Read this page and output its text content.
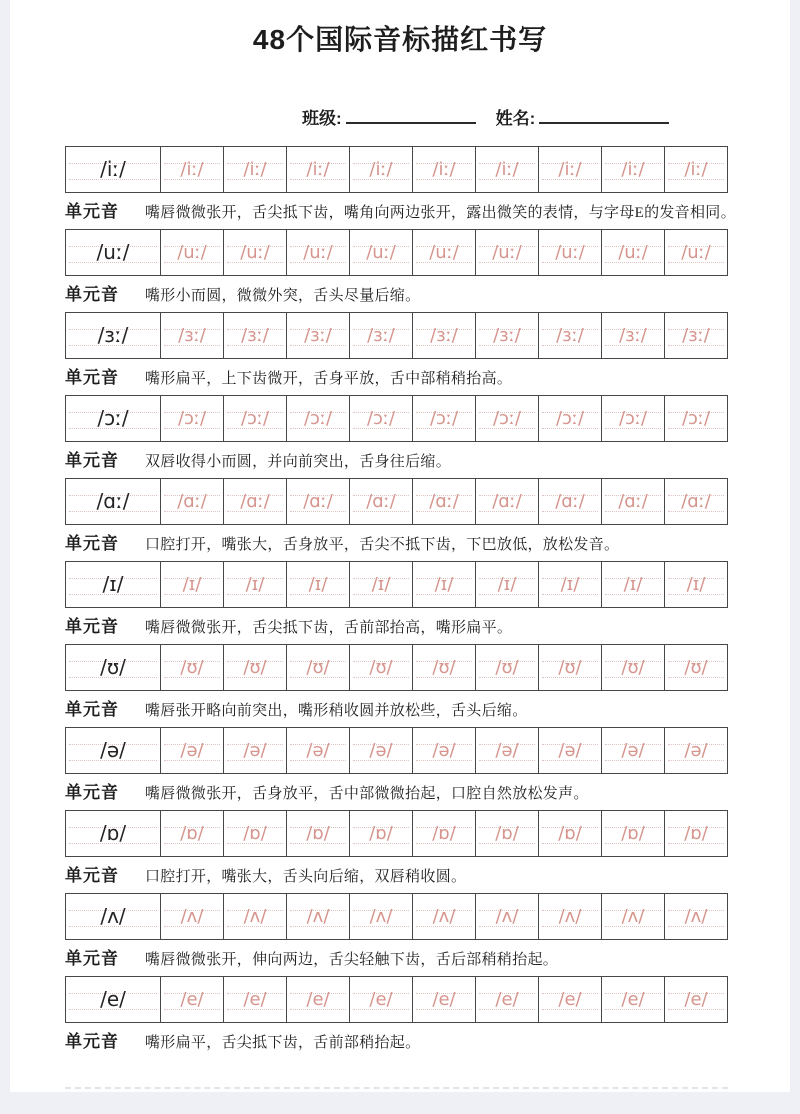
48个国际音标描红书写
班级:	姓名:
/iː/	/iː/ /iː/ /iː/ /iː/ /iː/ /iː/ /iː/ /iː/ /iː/
单元音	嘴唇微微张开，舌尖抵下齿，嘴角向两边张开，露出微笑的表情，与字母E的发音相同。
/uː/	/uː/ /uː/ /uː/ /uː/ /uː/ /uː/ /uː/ /uː/ /uː/
单元音	嘴形小而圆，微微外突，舌头尽量后缩。
/ɜː/	/ɜː/ /ɜː/ /ɜː/ /ɜː/ /ɜː/ /ɜː/ /ɜː/ /ɜː/ /ɜː/
单元音	嘴形扁平，上下齿微开，舌身平放，舌中部稍稍抬高。
/ɔː/	/ɔː/ /ɔː/ /ɔː/ /ɔː/ /ɔː/ /ɔː/ /ɔː/ /ɔː/ /ɔː/
单元音	双唇收得小而圆，并向前突出，舌身往后缩。
/ɑː/	/ɑː/ /ɑː/ /ɑː/ /ɑː/ /ɑː/ /ɑː/ /ɑː/ /ɑː/ /ɑː/
单元音	口腔打开，嘴张大，舌身放平，舌尖不抵下齿，下巴放低，放松发音。
/ɪ/	/ɪ/ /ɪ/ /ɪ/ /ɪ/ /ɪ/ /ɪ/ /ɪ/ /ɪ/ /ɪ/
单元音	嘴唇微微张开，舌尖抵下齿，舌前部抬高，嘴形扁平。
/ʊ/	/ʊ/ /ʊ/ /ʊ/ /ʊ/ /ʊ/ /ʊ/ /ʊ/ /ʊ/ /ʊ/
单元音	嘴唇张开略向前突出，嘴形稍收圆并放松些，舌头后缩。
/ə/	/ə/ /ə/ /ə/ /ə/ /ə/ /ə/ /ə/ /ə/ /ə/
单元音	嘴唇微微张开，舌身放平，舌中部微微抬起，口腔自然放松发声。
/ɒ/	/ɒ/ /ɒ/ /ɒ/ /ɒ/ /ɒ/ /ɒ/ /ɒ/ /ɒ/ /ɒ/
单元音	口腔打开，嘴张大，舌头向后缩，双唇稍收圆。
/ʌ/	/ʌ/ /ʌ/ /ʌ/ /ʌ/ /ʌ/ /ʌ/ /ʌ/ /ʌ/ /ʌ/
单元音	嘴唇微微张开，伸向两边，舌尖轻触下齿，舌后部稍稍抬起。
/e/	/e/ /e/ /e/ /e/ /e/ /e/ /e/ /e/ /e/
单元音	嘴形扁平，舌尖抵下齿，舌前部稍抬起。
